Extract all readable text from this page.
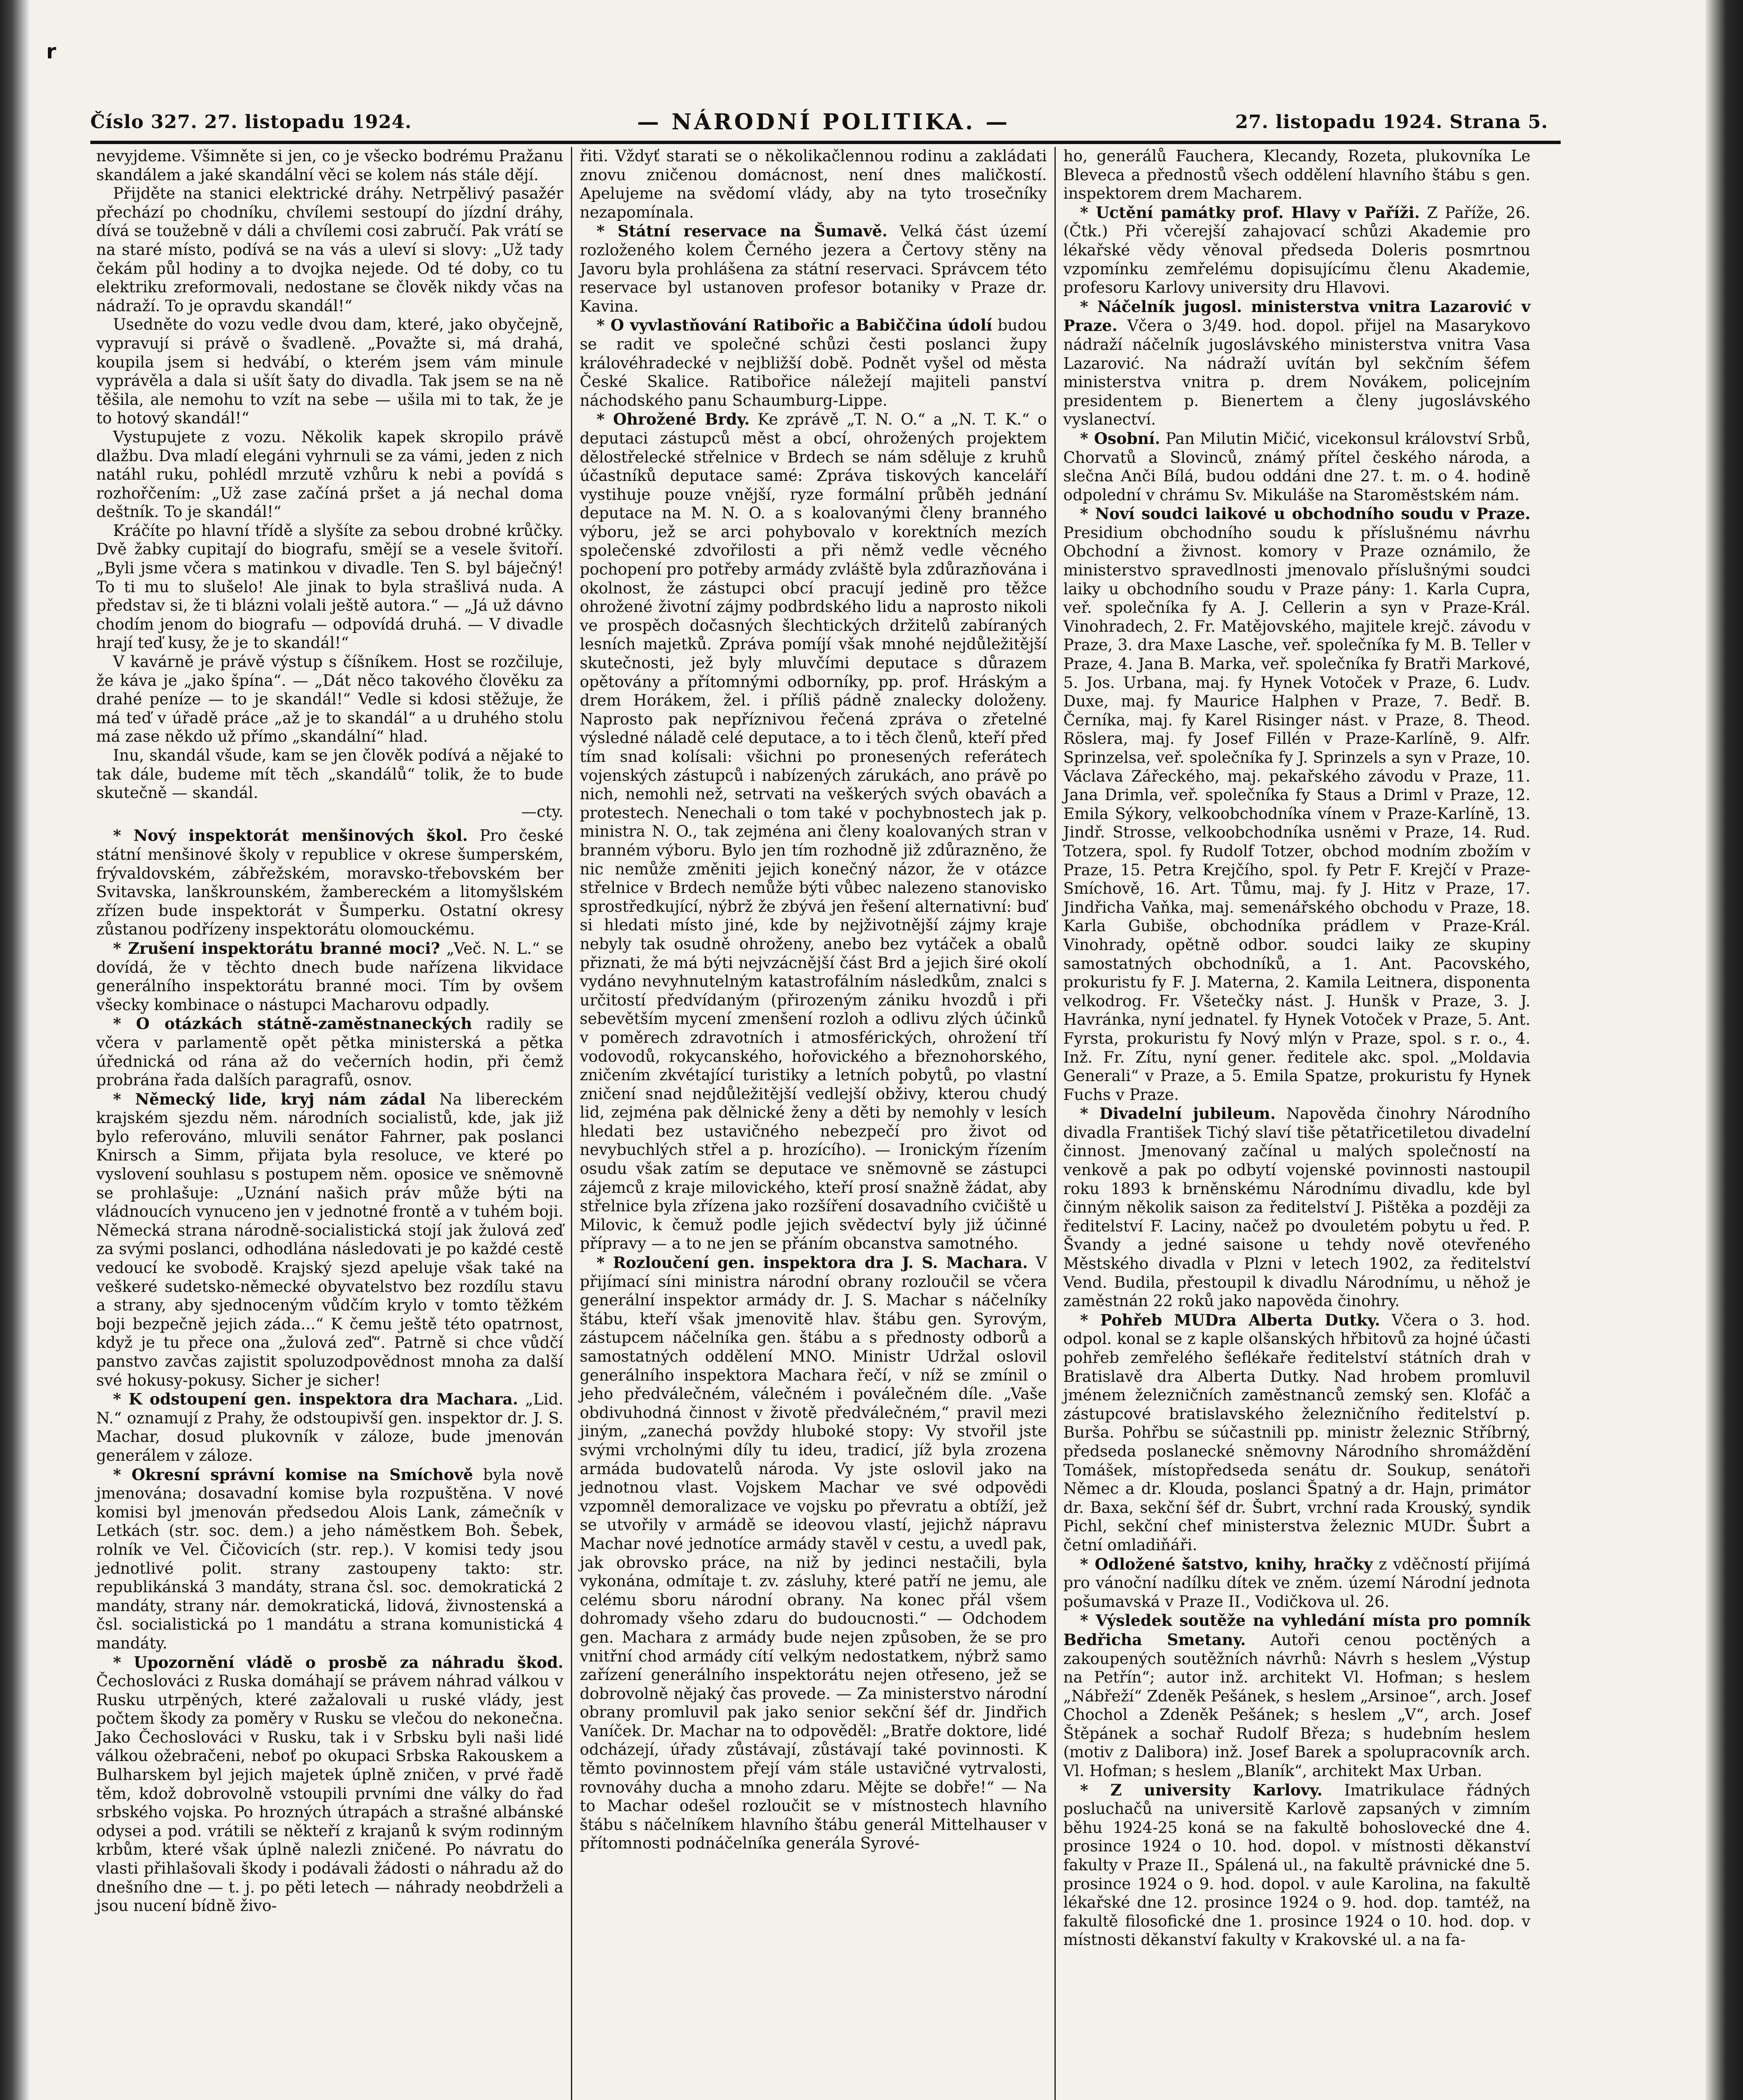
r
Číslo 327. 27. listopadu 1924.	— NÁRODNÍ POLITIKA. —	27. listopadu 1924. Strana 5.

nevyjdeme. Všimněte si jen, co je všecko bodrému Pražanu skandálem a jaké skandální věci se kolem nás stále dějí.

Přijděte na stanici elektrické dráhy. Netrpělivý pasažér přechází po chodníku, chvílemi sestoupí do jízdní dráhy, dívá se toužebně v dáli a chvílemi cosi zabručí. Pak vrátí se na staré místo, podívá se na vás a uleví si slovy: „Už tady čekám půl hodiny a to dvojka nejede. Od té doby, co tu elektriku zreformovali, nedostane se člověk nikdy včas na nádraží. To je opravdu skandál!“

Usedněte do vozu vedle dvou dam, které, jako obyčejně, vypravují si právě o švadleně. „Považte si, má drahá, koupila jsem si hedvábí, o kterém jsem vám minule vyprávěla a dala si ušít šaty do divadla. Tak jsem se na ně těšila, ale nemohu to vzít na sebe — ušila mi to tak, že je to hotový skandál!“

Vystupujete z vozu. Několik kapek skropilo právě dlažbu. Dva mladí elegáni vyhrnuli se za vámi, jeden z nich natáhl ruku, pohlédl mrzutě vzhůru k nebi a povídá s rozhořčením: „Už zase začíná pršet a já nechal doma deštník. To je skandál!“

Kráčíte po hlavní třídě a slyšíte za sebou drobné krůčky. Dvě žabky cupitají do biografu, smějí se a vesele švitoří. „Byli jsme včera s matinkou v divadle. Ten S. byl báječný! To ti mu to slušelo! Ale jinak to byla strašlivá nuda. A představ si, že ti blázni volali ještě autora.“ — „Já už dávno chodím jenom do biografu — odpovídá druhá. — V divadle hrají teď kusy, že je to skandál!“

V kavárně je právě výstup s číšníkem. Host se rozčiluje, že káva je „jako špína“. — „Dát něco takového člověku za drahé peníze — to je skandál!“ Vedle si kdosi stěžuje, že má teď v úřadě práce „až je to skandál“ a u druhého stolu má zase někdo už přímo „skandální“ hlad.

Inu, skandál všude, kam se jen člověk podívá a nějaké to tak dále, budeme mít těch „skandálů“ tolik, že to bude skutečně — skandál.

—cty.

* Nový inspektorát menšinových škol. Pro české státní menšinové školy v republice v okrese šumperském, frývaldovském, zábřežském, moravsko-třebovském ber Svitavska, lanškrounském, žambereckém a litomyšlském zřízen bude inspektorát v Šumperku. Ostatní okresy zůstanou podřízeny inspektorátu olomouckému.

* Zrušení inspektorátu branné moci? „Več. N. L.“ se dovídá, že v těchto dnech bude nařízena likvidace generálního inspektorátu branné moci. Tím by ovšem všecky kombinace o nástupci Macharovu odpadly.

* O otázkách státně-zaměstnaneckých radily se včera v parlamentě opět pětka ministerská a pětka úřednická od rána až do večerních hodin, při čemž probrána řada dalších paragrafů, osnov.

* Německý lide, kryj nám zádal Na libereckém krajském sjezdu něm. národních socialistů, kde, jak již bylo referováno, mluvili senátor Fahrner, pak poslanci Knirsch a Simm, přijata byla resoluce, ve které po vyslovení souhlasu s postupem něm. oposice ve sněmovně se prohlašuje: „Uznání našich práv může býti na vládnoucích vynuceno jen v jednotné frontě a v tuhém boji. Německá strana národně-socialistická stojí jak žulová zeď za svými poslanci, odhodlána následovati je po každé cestě vedoucí ke svobodě. Krajský sjezd apeluje však také na veškeré sudetsko-německé obyvatelstvo bez rozdílu stavu a strany, aby sjednoceným vůdčím krylo v tomto těžkém boji bezpečně jejich záda...“ K čemu ještě této opatrnost, když je tu přece ona „žulová zeď“. Patrně si chce vůdčí panstvo zavčas zajistit spoluzodpovědnost mnoha za další své hokusy-pokusy. Sicher je sicher!

* K odstoupení gen. inspektora dra Machara. „Lid. N.“ oznamují z Prahy, že odstoupivší gen. inspektor dr. J. S. Machar, dosud plukovník v záloze, bude jmenován generálem v záloze.

* Okresní správní komise na Smíchově byla nově jmenována; dosavadní komise byla rozpuštěna. V nové komisi byl jmenován předsedou Alois Lank, zámečník v Letkách (str. soc. dem.) a jeho náměstkem Boh. Šebek, rolník ve Vel. Čičovicích (str. rep.). V komisi tedy jsou jednotlivé polit. strany zastoupeny takto: str. republikánská 3 mandáty, strana čsl. soc. demokratická 2 mandáty, strany nár. demokratická, lidová, živnostenská a čsl. socialistická po 1 mandátu a strana komunistická 4 mandáty.

* Upozornění vládě o prosbě za náhradu škod. Čechoslováci z Ruska domáhají se právem náhrad válkou v Rusku utrpěných, které zažalovali u ruské vlády, jest počtem škody za poměry v Rusku se vlečou do nekonečna. Jako Čechoslováci v Rusku, tak i v Srbsku byli naši lidé válkou ožebračeni, neboť po okupaci Srbska Rakouskem a Bulharskem byl jejich majetek úplně zničen, v prvé řadě těm, kdož dobrovolně vstoupili prvními dne války do řad srbského vojska. Po hrozných útrapách a strašné albánské odysei a pod. vrátili se někteří z krajanů k svým rodinným krbům, které však úplně nalezli zničené. Po návratu do vlasti přihlašovali škody i podávali žádosti o náhradu až do dnešního dne — t. j. po pěti letech — náhrady neobdrželi a jsou nucení bídně živo-

řiti. Vždyť starati se o několikačlennou rodinu a zakládati znovu zničenou domácnost, není dnes maličkostí. Apelujeme na svědomí vlády, aby na tyto trosečníky nezapomínala.

* Státní reservace na Šumavě. Velká část území rozloženého kolem Černého jezera a Čertovy stěny na Javoru byla prohlášena za státní reservaci. Správcem této reservace byl ustanoven profesor botaniky v Praze dr. Kavina.

* O vyvlastňování Ratibořic a Babiččina údolí budou se radit ve společné schůzi česti poslanci župy královéhradecké v nejbližší době. Podnět vyšel od města České Skalice. Ratibořice náležejí majiteli panství náchodského panu Schaumburg-Lippe.

* Ohrožené Brdy. Ke zprávě „T. N. O.“ a „N. T. K.“ o deputaci zástupců měst a obcí, ohrožených projektem dělostřelecké střelnice v Brdech se nám sděluje z kruhů účastníků deputace samé: Zpráva tiskových kanceláří vystihuje pouze vnější, ryze formální průběh jednání deputace na M. N. O. a s koalovanými členy branného výboru, jež se arci pohybovalo v korektních mezích společenské zdvořilosti a při němž vedle věcného pochopení pro potřeby armády zvláště byla zdůrazňována i okolnost, že zástupci obcí pracují jedině pro těžce ohrožené životní zájmy podbrdského lidu a naprosto nikoli ve prospěch dočasných šlechtických držitelů zabíraných lesních majetků. Zpráva pomíjí však mnohé nejdůležitější skutečnosti, jež byly mluvčími deputace s důrazem opětovány a přítomnými odborníky, pp. prof. Hráským a drem Horákem, žel. i příliš pádně znalecky doloženy. Naprosto pak nepříznivou řečená zpráva o zřetelné výsledné náladě celé deputace, a to i těch členů, kteří před tím snad kolísali: všichni po pronesených referátech vojenských zástupců i nabízených zárukách, ano právě po nich, nemohli než, setrvati na veškerých svých obavách a protestech. Nenechali o tom také v pochybnostech jak p. ministra N. O., tak zejména ani členy koalovaných stran v branném výboru. Bylo jen tím rozhodně již zdůrazněno, že nic nemůže změniti jejich konečný názor, že v otázce střelnice v Brdech nemůže býti vůbec nalezeno stanovisko sprostředkující, nýbrž že zbývá jen řešení alternativní: buď si hledati místo jiné, kde by nejživotnější zájmy kraje nebyly tak osudně ohroženy, anebo bez vytáček a obalů přiznati, že má býti nejvzácnější část Brd a jejich širé okolí vydáno nevyhnutelným katastrofálním následkům, znalci s určitostí předvídaným (přirozeným zániku hvozdů i při sebevětším mycení zmenšení rozloh a odlivu zlých účinků v poměrech zdravotních i atmosférických, ohrožení tří vodovodů, rokycanského, hořovického a březnohorského, zničením zkvétající turistiky a letních pobytů, po vlastní zničení snad nejdůležitější vedlejší obživy, kterou chudý lid, zejména pak dělnické ženy a děti by nemohly v lesích hledati bez ustavičného nebezpečí pro život od nevybuchlých střel a p. hrozícího). — Ironickým řízením osudu však zatím se deputace ve sněmovně se zástupci zájemců z kraje milovického, kteří prosí snažně žádat, aby střelnice byla zřízena jako rozšíření dosavadního cvičiště u Milovic, k čemuž podle jejich svědectví byly již účinné přípravy — a to ne jen se přáním obcanstva samotného.

* Rozloučení gen. inspektora dra J. S. Machara. V přijímací síni ministra národní obrany rozloučil se včera generální inspektor armády dr. J. S. Machar s náčelníky štábu, kteří však jmenovitě hlav. štábu gen. Syrovým, zástupcem náčelníka gen. štábu a s přednosty odborů a samostatných oddělení MNO. Ministr Udržal oslovil generálního inspektora Machara řečí, v níž se zmínil o jeho předválečném, válečném i poválečném díle. „Vaše obdivuhodná činnost v životě předválečném,“ pravil mezi jiným, „zanechá povždy hluboké stopy: Vy stvořil jste svými vrcholnými díly tu ideu, tradicí, jíž byla zrozena armáda budovatelů národa. Vy jste oslovil jako na jednotnou vlast. Vojskem Machar ve své odpovědi vzpomněl demoralizace ve vojsku po převratu a obtíží, jež se utvořily v armádě se ideovou vlastí, jejichž nápravu Machar nové jednotíce armády stavěl v cestu, a uvedl pak, jak obrovsko práce, na niž by jedinci nestačili, byla vykonána, odmítaje t. zv. zásluhy, které patří ne jemu, ale celému sboru národní obrany. Na konec přál všem dohromady všeho zdaru do budoucnosti.“ — Odchodem gen. Machara z armády bude nejen způsoben, že se pro vnitřní chod armády cítí velkým nedostatkem, nýbrž samo zařízení generálního inspektorátu nejen otřeseno, jež se dobrovolně nějaký čas provede. — Za ministerstvo národní obrany promluvil pak jako senior sekční šéf dr. Jindřich Vaníček. Dr. Machar na to odpověděl: „Bratře doktore, lidé odcházejí, úřady zůstávají, zůstávají také povinnosti. K těmto povinnostem přejí vám stále ustavičné vytrvalosti, rovnováhy ducha a mnoho zdaru. Mějte se dobře!“ — Na to Machar odešel rozloučit se v místnostech hlavního štábu s náčelníkem hlavního štábu generál Mittelhauser v přítomnosti podnáčelníka generála Syrové-

ho, generálů Fauchera, Klecandy, Rozeta, plukovníka Le Bleveca a přednostů všech oddělení hlavního štábu s gen. inspektorem drem Macharem.

* Uctění památky prof. Hlavy v Paříži. Z Paříže, 26. (Čtk.) Při včerejší zahajovací schůzi Akademie pro lékařské vědy věnoval předseda Doleris posmrtnou vzpomínku zemřelému dopisujícímu členu Akademie, profesoru Karlovy university dru Hlavovi.

* Náčelník jugosl. ministerstva vnitra Lazarović v Praze. Včera o 3/49. hod. dopol. přijel na Masarykovo nádraží náčelník jugoslávského ministerstva vnitra Vasa Lazarović. Na nádraží uvítán byl sekčním šéfem ministerstva vnitra p. drem Novákem, policejním presidentem p. Bienertem a členy jugoslávského vyslanectví.

* Osobní. Pan Milutin Mičić, vicekonsul království Srbů, Chorvatů a Slovinců, známý přítel českého národa, a slečna Anči Bílá, budou oddáni dne 27. t. m. o 4. hodině odpolední v chrámu Sv. Mikuláše na Staroměstském nám.

* Noví soudci laikové u obchodního soudu v Praze. Presidium obchodního soudu k příslušnému návrhu Obchodní a živnost. komory v Praze oznámilo, že ministerstvo spravedlnosti jmenovalo příslušnými soudci laiky u obchodního soudu v Praze pány: 1. Karla Cupra, veř. společníka fy A. J. Cellerin a syn v Praze-Král. Vinohradech, 2. Fr. Matějovského, majitele krejč. závodu v Praze, 3. dra Maxe Lasche, veř. společníka fy M. B. Teller v Praze, 4. Jana B. Marka, veř. společníka fy Bratři Markové, 5. Jos. Urbana, maj. fy Hynek Votoček v Praze, 6. Ludv. Duxe, maj. fy Maurice Halphen v Praze, 7. Bedř. B. Černíka, maj. fy Karel Risinger nást. v Praze, 8. Theod. Röslera, maj. fy Josef Fillén v Praze-Karlíně, 9. Alfr. Sprinzelsa, veř. společníka fy J. Sprinzels a syn v Praze, 10. Václava Zářeckého, maj. pekařského závodu v Praze, 11. Jana Drimla, veř. společníka fy Staus a Driml v Praze, 12. Emila Sýkory, velkoobchodníka vínem v Praze-Karlíně, 13. Jindř. Strosse, velkoobchodníka usněmi v Praze, 14. Rud. Totzera, spol. fy Rudolf Totzer, obchod modním zbožím v Praze, 15. Petra Krejčího, spol. fy Petr F. Krejčí v Praze-Smíchově, 16. Art. Tůmu, maj. fy J. Hitz v Praze, 17. Jindřicha Vaňka, maj. semenářského obchodu v Praze, 18. Karla Gubiše, obchodníka prádlem v Praze-Král. Vinohrady, opětně odbor. soudci laiky ze skupiny samostatných obchodníků, a 1. Ant. Pacovského, prokuristu fy F. J. Materna, 2. Kamila Leitnera, disponenta velkodrog. Fr. Všetečky nást. J. Hunšk v Praze, 3. J. Havránka, nyní jednatel. fy Hynek Votoček v Praze, 5. Ant. Fyrsta, prokuristu fy Nový mlýn v Praze, spol. s r. o., 4. Inž. Fr. Zítu, nyní gener. ředitele akc. spol. „Moldavia Generali“ v Praze, a 5. Emila Spatze, prokuristu fy Hynek Fuchs v Praze.

* Divadelní jubileum. Napověda činohry Národního divadla František Tichý slaví tiše pětatřicetiletou divadelní činnost. Jmenovaný začínal u malých společností na venkově a pak po odbytí vojenské povinnosti nastoupil roku 1893 k brněnskému Národnímu divadlu, kde byl činným několik saison za ředitelství J. Pištěka a později za ředitelství F. Laciny, načež po dvouletém pobytu u řed. P. Švandy a jedné saisone u tehdy nově otevřeného Městského divadla v Plzni v letech 1902, za ředitelství Vend. Budila, přestoupil k divadlu Národnímu, u něhož je zaměstnán 22 roků jako napověda činohry.

* Pohřeb MUDra Alberta Dutky. Včera o 3. hod. odpol. konal se z kaple olšanských hřbitovů za hojné účasti pohřeb zemřelého šeflékaře ředitelství státních drah v Bratislavě dra Alberta Dutky. Nad hrobem promluvil jménem železničních zaměstnanců zemský sen. Klofáč a zástupcové bratislavského železničního ředitelství p. Burša. Pohřbu se súčastnili pp. ministr železnic Stříbrný, předseda poslanecké sněmovny Národního shromáždění Tomášek, místopředseda senátu dr. Soukup, senátoři Němec a dr. Klouda, poslanci Špatný a dr. Hajn, primátor dr. Baxa, sekční šéf dr. Šubrt, vrchní rada Krouský, syndik Pichl, sekční chef ministerstva železnic MUDr. Šubrt a četní omladiňáři.

* Odložené šatstvo, knihy, hračky z vděčností přijímá pro vánoční nadílku dítek ve zněm. území Národní jednota pošumavská v Praze II., Vodičkova ul. 26.

* Výsledek soutěže na vyhledání místa pro pomník Bedřicha Smetany. Autoři cenou poctěných a zakoupených soutěžních návrhů: Návrh s heslem „Výstup na Petřín“; autor inž. architekt Vl. Hofman; s heslem „Nábřeží“ Zdeněk Pešánek, s heslem „Arsinoe“, arch. Josef Chochol a Zdeněk Pešánek; s heslem „V“, arch. Josef Štěpánek a sochař Rudolf Březa; s hudebním heslem (motiv z Dalibora) inž. Josef Barek a spolupracovník arch. Vl. Hofman; s heslem „Blaník“, architekt Max Urban.

* Z university Karlovy. Imatrikulace řádných posluchačů na universitě Karlově zapsaných v zimním běhu 1924-25 koná se na fakultě bohoslovecké dne 4. prosince 1924 o 10. hod. dopol. v místnosti děkanství fakulty v Praze II., Spálená ul., na fakultě právnické dne 5. prosince 1924 o 9. hod. dopol. v aule Karolina, na fakultě lékařské dne 12. prosince 1924 o 9. hod. dop. tamtéž, na fakultě filosofické dne 1. prosince 1924 o 10. hod. dop. v místnosti děkanství fakulty v Krakovské ul. a na fa-
